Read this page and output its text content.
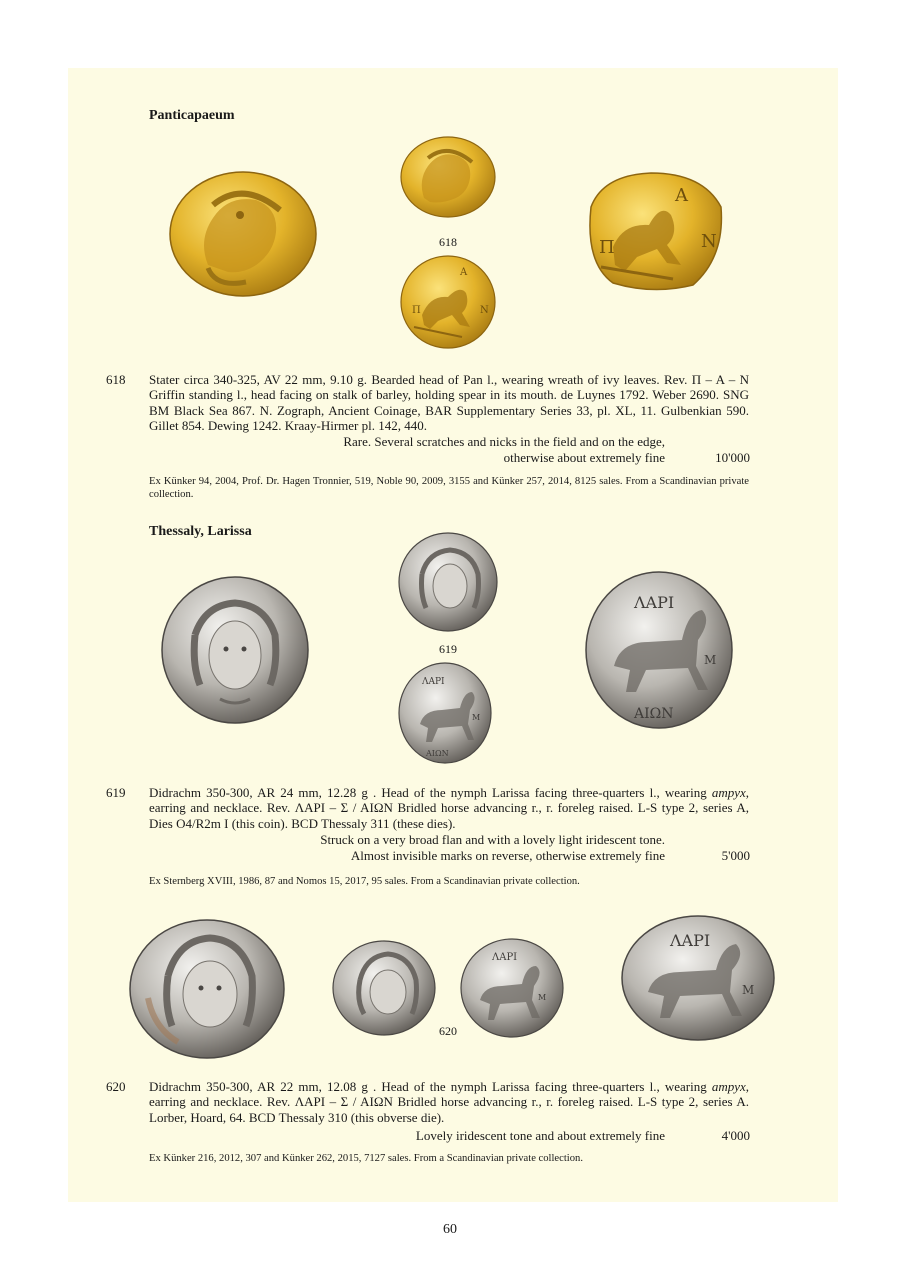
Panticapaeum
618
Α
Π	Ν
Α
Π	Ν
618 Stater circa 340-325, AV 22 mm, 9.10 g. Bearded head of Pan l., wearing wreath of ivy leaves. Rev. Π – Α – Ν Griffin standing l., head facing on stalk of barley, holding spear in its mouth. de Luynes 1792. Weber 2690. SNG BM Black Sea 867. N. Zograph, Ancient Coinage, BAR Supplementary Series 33, pl. XL, 11. Gulbenkian 590. Gillet 854. Dewing 1242. Kraay-Hirmer pl. 142, 440.
Rare. Several scratches and nicks in the field and on the edge,
otherwise about extremely fine	10'000
Ex Künker 94, 2004, Prof. Dr. Hagen Tronnier, 519, Noble 90, 2009, 3155 and Künker 257, 2014, 8125 sales. From a Scandinavian private collection.
Thessaly, Larissa
619
ΛΑΡΙ
Μ
ΑΙΩΝ
ΛΑΡΙ
Μ
ΑΙΩΝ
619 Didrachm 350-300, AR 24 mm, 12.28 g . Head of the nymph Larissa facing three-quarters l., wearing ampyx, earring and necklace. Rev. ΛΑΡΙ – Σ / ΑΙΩΝ Bridled horse advancing r., r. foreleg raised. L-S type 2, series A, Dies O4/R2m I (this coin). BCD Thessaly 311 (these dies).
Struck on a very broad flan and with a lovely light iridescent tone.
Almost invisible marks on reverse, otherwise extremely fine	5'000
Ex Sternberg XVIII, 1986, 87 and Nomos 15, 2017, 95 sales. From a Scandinavian private collection.
ΛΑΡΙ
Μ
ΛΑΡΙ
Μ
620
620 Didrachm 350-300, AR 22 mm, 12.08 g . Head of the nymph Larissa facing three-quarters l., wearing ampyx, earring and necklace. Rev. ΛΑΡΙ – Σ / ΑΙΩΝ Bridled horse advancing r., r. foreleg raised. L-S type 2, series A. Lorber, Hoard, 64. BCD Thessaly 310 (this obverse die).
Lovely iridescent tone and about extremely fine	4'000
Ex Künker 216, 2012, 307 and Künker 262, 2015, 7127 sales. From a Scandinavian private collection.
60
